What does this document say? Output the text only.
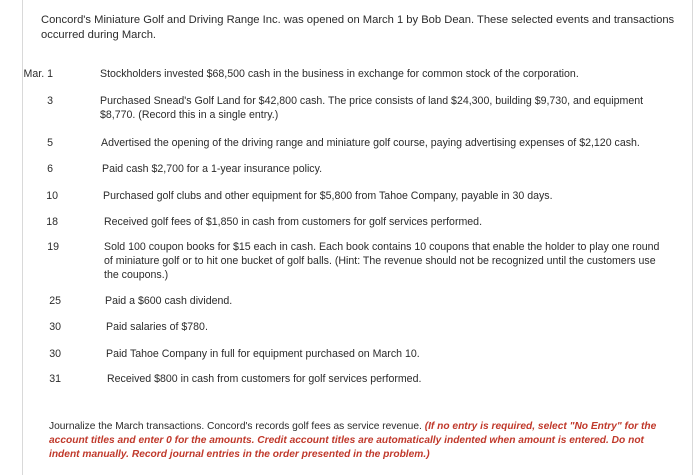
Concord's Miniature Golf and Driving Range Inc. was opened on March 1 by Bob Dean. These selected events and transactions occurred during March.
Mar. 1	Stockholders invested $68,500 cash in the business in exchange for common stock of the corporation.
3	Purchased Snead's Golf Land for $42,800 cash. The price consists of land $24,300, building $9,730, and equipment $8,770. (Record this in a single entry.)
5	Advertised the opening of the driving range and miniature golf course, paying advertising expenses of $2,120 cash.
6	Paid cash $2,700 for a 1-year insurance policy.
10	Purchased golf clubs and other equipment for $5,800 from Tahoe Company, payable in 30 days.
18	Received golf fees of $1,850 in cash from customers for golf services performed.
19	Sold 100 coupon books for $15 each in cash. Each book contains 10 coupons that enable the holder to play one round of miniature golf or to hit one bucket of golf balls. (Hint: The revenue should not be recognized until the customers use the coupons.)
25	Paid a $600 cash dividend.
30	Paid salaries of $780.
30	Paid Tahoe Company in full for equipment purchased on March 10.
31	Received $800 in cash from customers for golf services performed.
Journalize the March transactions. Concord's records golf fees as service revenue. (If no entry is required, select "No Entry" for the account titles and enter 0 for the amounts. Credit account titles are automatically indented when amount is entered. Do not indent manually. Record journal entries in the order presented in the problem.)
